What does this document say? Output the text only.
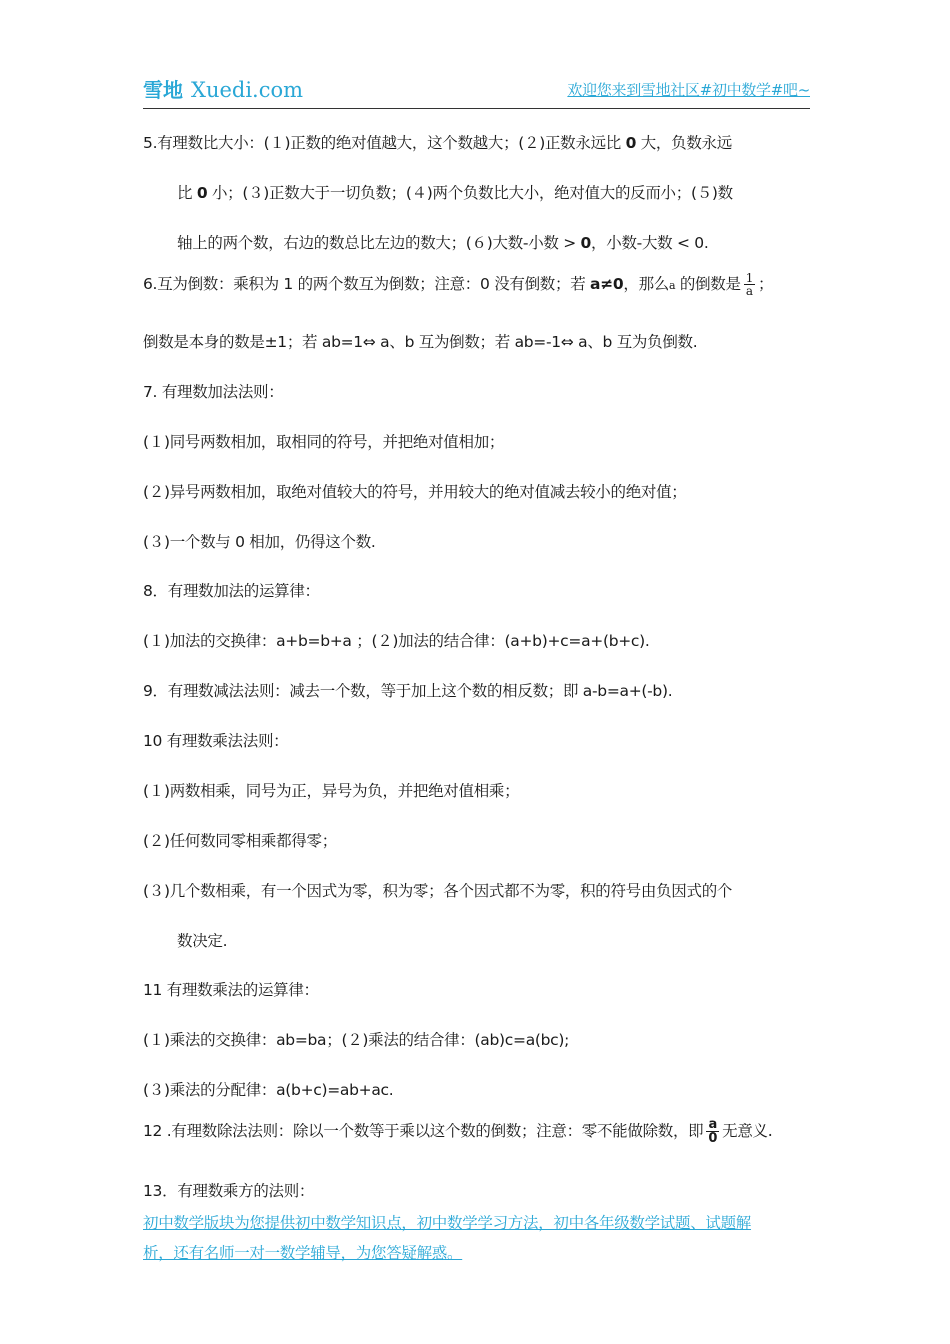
雪地 Xuedi.com	欢迎您来到雪地社区#初中数学#吧~
5.有理数比大小：(１)正数的绝对值越大，这个数越大；(２)正数永远比 0 大，负数永远
比 0 小；(３)正数大于一切负数；(４)两个负数比大小，绝对值大的反而小；(５)数
轴上的两个数，右边的数总比左边的数大；(６)大数-小数 > 0，小数-大数 < 0.
6.互为倒数：乘积为 1 的两个数互为倒数；注意：0 没有倒数；若 a≠0，那么a 的倒数是 $\frac{1}{a}$ ；
倒数是本身的数是±1；若 ab=1⇔ a、b 互为倒数；若 ab=-1⇔ a、b 互为负倒数.
7. 有理数加法法则：
(１)同号两数相加，取相同的符号，并把绝对值相加；
(２)异号两数相加，取绝对值较大的符号，并用较大的绝对值减去较小的绝对值；
(３)一个数与 0 相加，仍得这个数.
8．有理数加法的运算律：
(１)加法的交换律：a+b=b+a ；(２)加法的结合律：(a+b)+c=a+(b+c).
9．有理数减法法则：减去一个数，等于加上这个数的相反数；即 a-b=a+(-b).
10 有理数乘法法则：
(１)两数相乘，同号为正，异号为负，并把绝对值相乘；
(２)任何数同零相乘都得零；
(３)几个数相乘，有一个因式为零，积为零；各个因式都不为零，积的符号由负因式的个
数决定.
11 有理数乘法的运算律：
(１)乘法的交换律：ab=ba；(２)乘法的结合律：(ab)c=a(bc);
(３)乘法的分配律：a(b+c)=ab+ac.
12 .有理数除法法则：除以一个数等于乘以这个数的倒数；注意：零不能做除数，即 $\frac{a}{0}$ 无意义.
13．有理数乘方的法则：
初中数学版块为您提供初中数学知识点，初中数学学习方法，初中各年级数学试题、试题解
析，还有名师一对一数学辅导，为您答疑解惑。
